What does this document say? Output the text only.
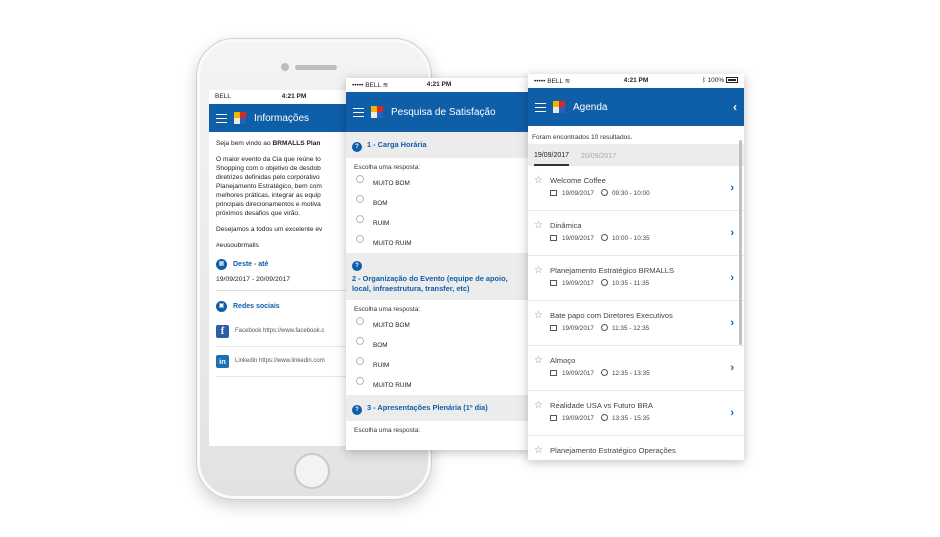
BELL	4:21 PM
Informações

Seja bem vindo ao BRMALLS Plan

O maior evento da Cia que reúne to
Shopping com o objetivo de desdob
diretrizes definidas pelo corporativo
Planejamento Estratégico, bem com
melhores práticas, integrar as equip
principais direcionamentos e motiva
próximos desafios que virão.

Desejamos a todos um excelente ev

#eusoubrmalls

▦	Deste - até
19/09/2017 - 20/09/2017
▣	Redes sociais
f	Facebook https://www.facebook.c
in	Linkedin https://www.linkedin.com
••••• BELL ≋	4:21 PM
Pesquisa de Satisfação
? 1 - Carga Horária
Escolha uma resposta:
MUITO BOM
BOM
RUIM
MUITO RUIM
?
2 - Organização do Evento (equipe de apoio, local, infraestrutura, transfer, etc)
Escolha uma resposta:
MUITO BOM
BOM
RUIM
MUITO RUIM
? 3 - Apresentações Plenária (1º dia)
Escolha uma resposta:
••••• BELL ≋	4:21 PM	ᛒ 100%
Agenda	‹
Foram encontrados 10 resultados.
19/09/2017 20/09/2017
☆ Welcome Coffee
19/09/2017	09:30 - 10:00	›
☆ Dinâmica
19/09/2017	10:00 - 10:35	›
☆ Planejamento Estratégico BRMALLS
19/09/2017	10:35 - 11:35	›
☆ Bate papo com Diretores Executivos
19/09/2017	11:35 - 12:35	›
☆ Almoço
19/09/2017	12:35 - 13:35	›
☆ Realidade USA vs Futuro BRA
19/09/2017	13:35 - 15:35	›
☆ Planejamento Estratégico Operações
